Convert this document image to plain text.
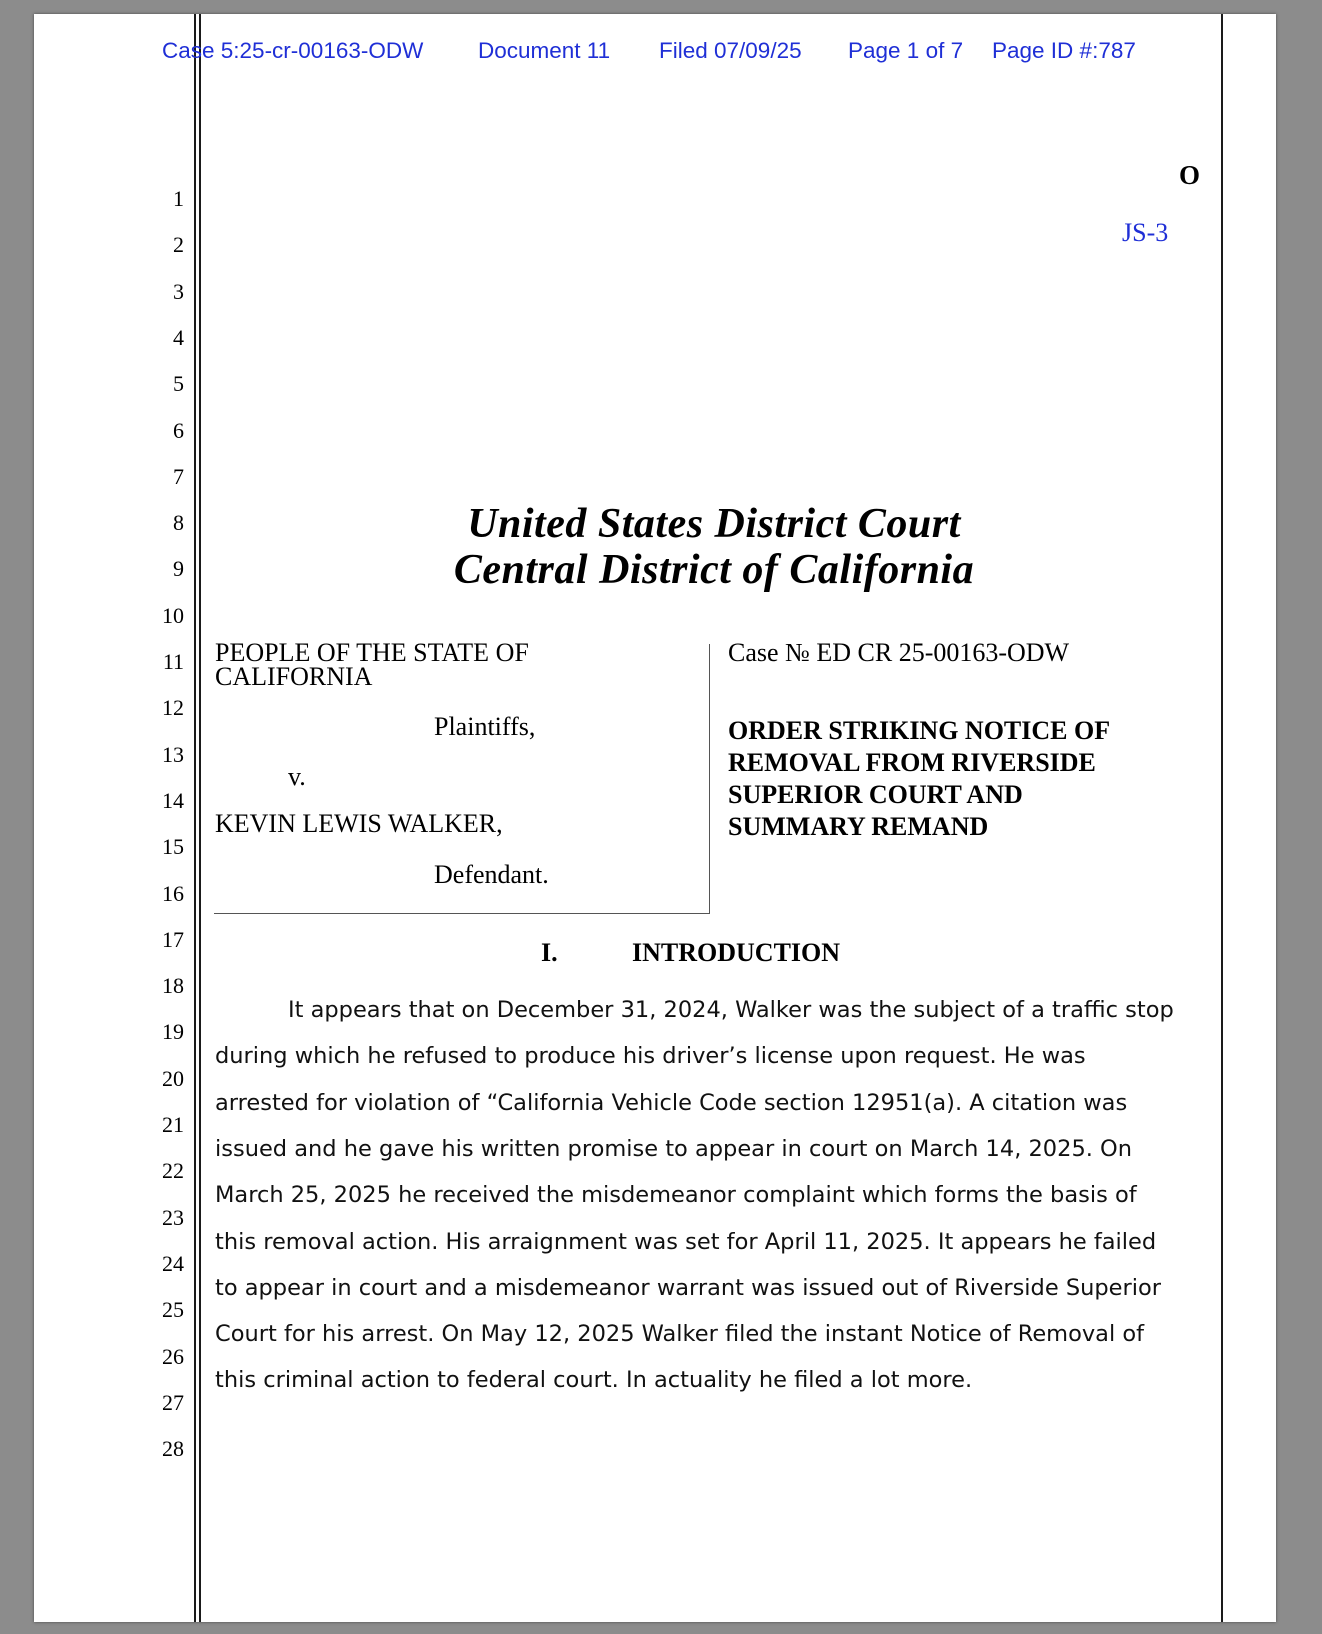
Case 5:25-cr-00163-ODW Document 11 Filed 07/09/25 Page 1 of 7 Page ID #:787
1
2
3
4
5
6
7
8
9
10
11
12
13
14
15
16
17
18
19
20
21
22
23
24
25
26
27
28
O
JS-3
United States District Court
Central District of California
PEOPLE OF THE STATE OF
CALIFORNIA
Plaintiffs,
v.
KEVIN LEWIS WALKER,
Defendant.
Case № ED CR 25-00163-ODW
ORDER STRIKING NOTICE OF
REMOVAL FROM RIVERSIDE
SUPERIOR COURT AND
SUMMARY REMAND
I.	INTRODUCTION
It appears that on December 31, 2024, Walker was the subject of a traffic stop
during which he refused to produce his driver’s license upon request. He was
arrested for violation of “California Vehicle Code section 12951(a). A citation was
issued and he gave his written promise to appear in court on March 14, 2025. On
March 25, 2025 he received the misdemeanor complaint which forms the basis of
this removal action. His arraignment was set for April 11, 2025. It appears he failed
to appear in court and a misdemeanor warrant was issued out of Riverside Superior
Court for his arrest. On May 12, 2025 Walker filed the instant Notice of Removal of
this criminal action to federal court. In actuality he filed a lot more.
